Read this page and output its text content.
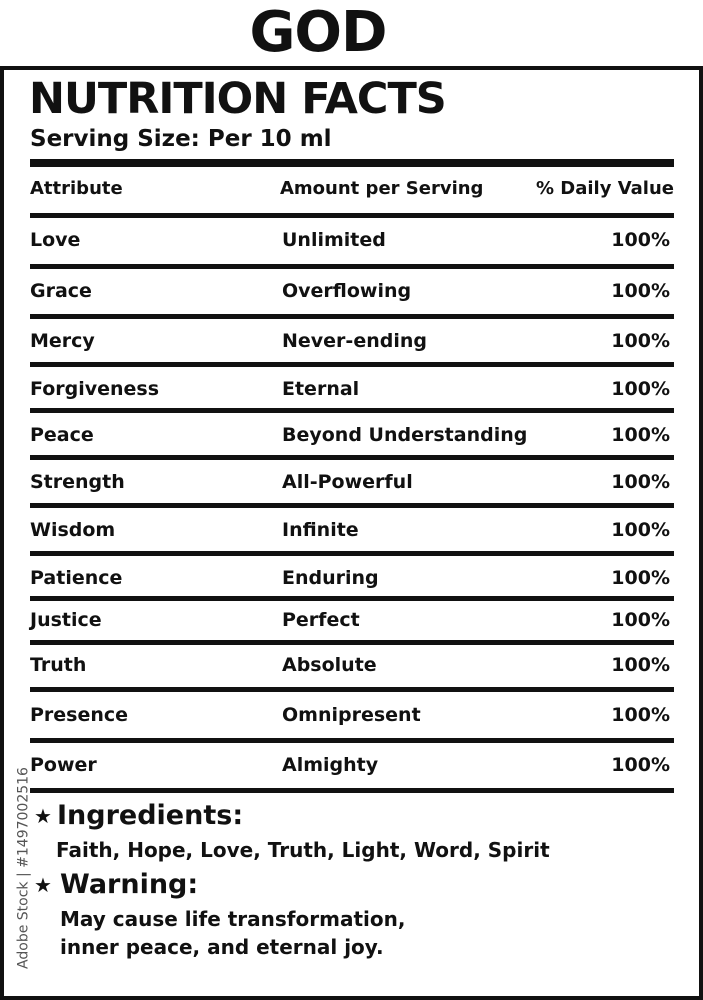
GOD
NUTRITION FACTS
Serving Size: Per 10 ml
Attribute	Amount per Serving	% Daily Value
Love	Unlimited	100%
Grace	Overflowing	100%
Mercy	Never-ending	100%
Forgiveness	Eternal	100%
Peace	Beyond Understanding	100%
Strength	All-Powerful	100%
Wisdom	Infinite	100%
Patience	Enduring	100%
Justice	Perfect	100%
Truth	Absolute	100%
Presence	Omnipresent	100%
Power	Almighty	100%
★ Ingredients:
Faith, Hope, Love, Truth, Light, Word, Spirit
★ Warning:
May cause life transformation,
inner peace, and eternal joy.
Adobe Stock | #1497002516
